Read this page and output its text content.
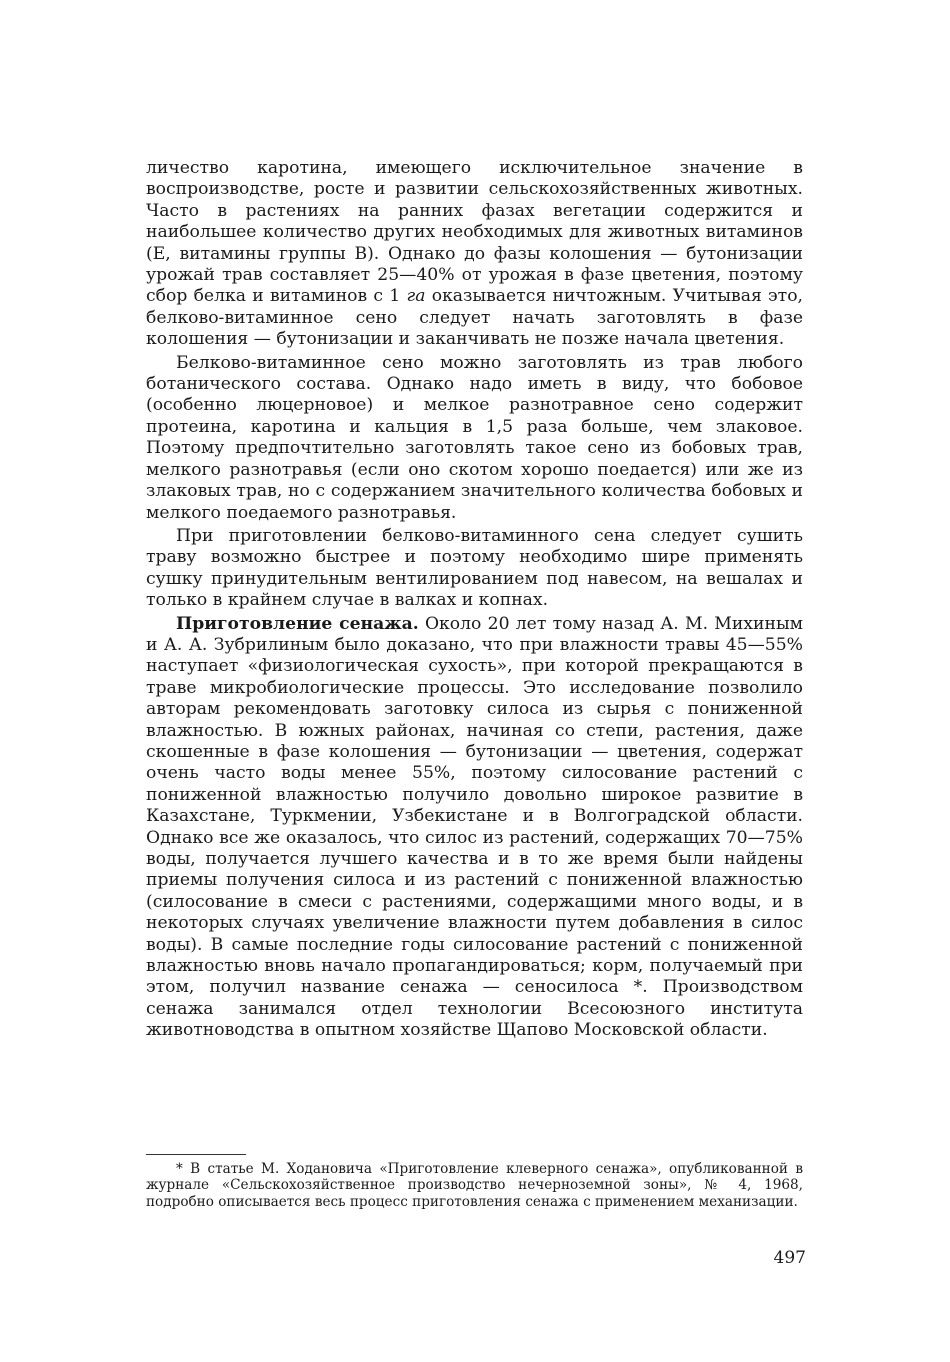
личество каротина, имеющего исключительное значение в воспроизводстве, росте и развитии сельскохозяйственных животных. Часто в растениях на ранних фазах вегетации содержится и наибольшее количество других необходимых для животных витаминов (Е, витамины группы В). Однако до фазы колошения — бутонизации урожай трав составляет 25—40% от урожая в фазе цветения, поэтому сбор белка и витаминов с 1 га оказывается ничтожным. Учитывая это, белково-витаминное сено следует начать заготовлять в фазе колошения — бутонизации и заканчивать не позже начала цветения.

Белково-витаминное сено можно заготовлять из трав любого ботанического состава. Однако надо иметь в виду, что бобовое (особенно люцерновое) и мелкое разнотравное сено содержит протеина, каротина и кальция в 1,5 раза больше, чем злаковое. Поэтому предпочтительно заготовлять такое сено из бобовых трав, мелкого разнотравья (если оно скотом хорошо поедается) или же из злаковых трав, но с содержанием значительного количества бобовых и мелкого поедаемого разнотравья.

При приготовлении белково-витаминного сена следует сушить траву возможно быстрее и поэтому необходимо шире применять сушку принудительным вентилированием под навесом, на вешалах и только в крайнем случае в валках и копнах.

Приготовление сенажа. Около 20 лет тому назад А. М. Михиным и А. А. Зубрилиным было доказано, что при влажности травы 45—55% наступает «физиологическая сухость», при которой прекращаются в траве микробиологические процессы. Это исследование позволило авторам рекомендовать заготовку силоса из сырья с пониженной влажностью. В южных районах, начиная со степи, растения, даже скошенные в фазе колошения — бутонизации — цветения, содержат очень часто воды менее 55%, поэтому силосование растений с пониженной влажностью получило довольно широкое развитие в Казахстане, Туркмении, Узбекистане и в Волгоградской области. Однако все же оказалось, что силос из растений, содержащих 70—75% воды, получается лучшего качества и в то же время были найдены приемы получения силоса и из растений с пониженной влажностью (силосование в смеси с растениями, содержащими много воды, и в некоторых случаях увеличение влажности путем добавления в силос воды). В самые последние годы силосование растений с пониженной влажностью вновь начало пропагандироваться; корм, получаемый при этом, получил название сенажа — сеносилоса *. Производством сенажа занимался отдел технологии Всесоюзного института животноводства в опытном хозяйстве Щапово Московской области.

* В статье М. Ходановича «Приготовление клеверного сенажа», опубликованной в журнале «Сельскохозяйственное производство нечерноземной зоны», № 4, 1968, подробно описывается весь процесс приготовления сенажа с применением механизации.

497
